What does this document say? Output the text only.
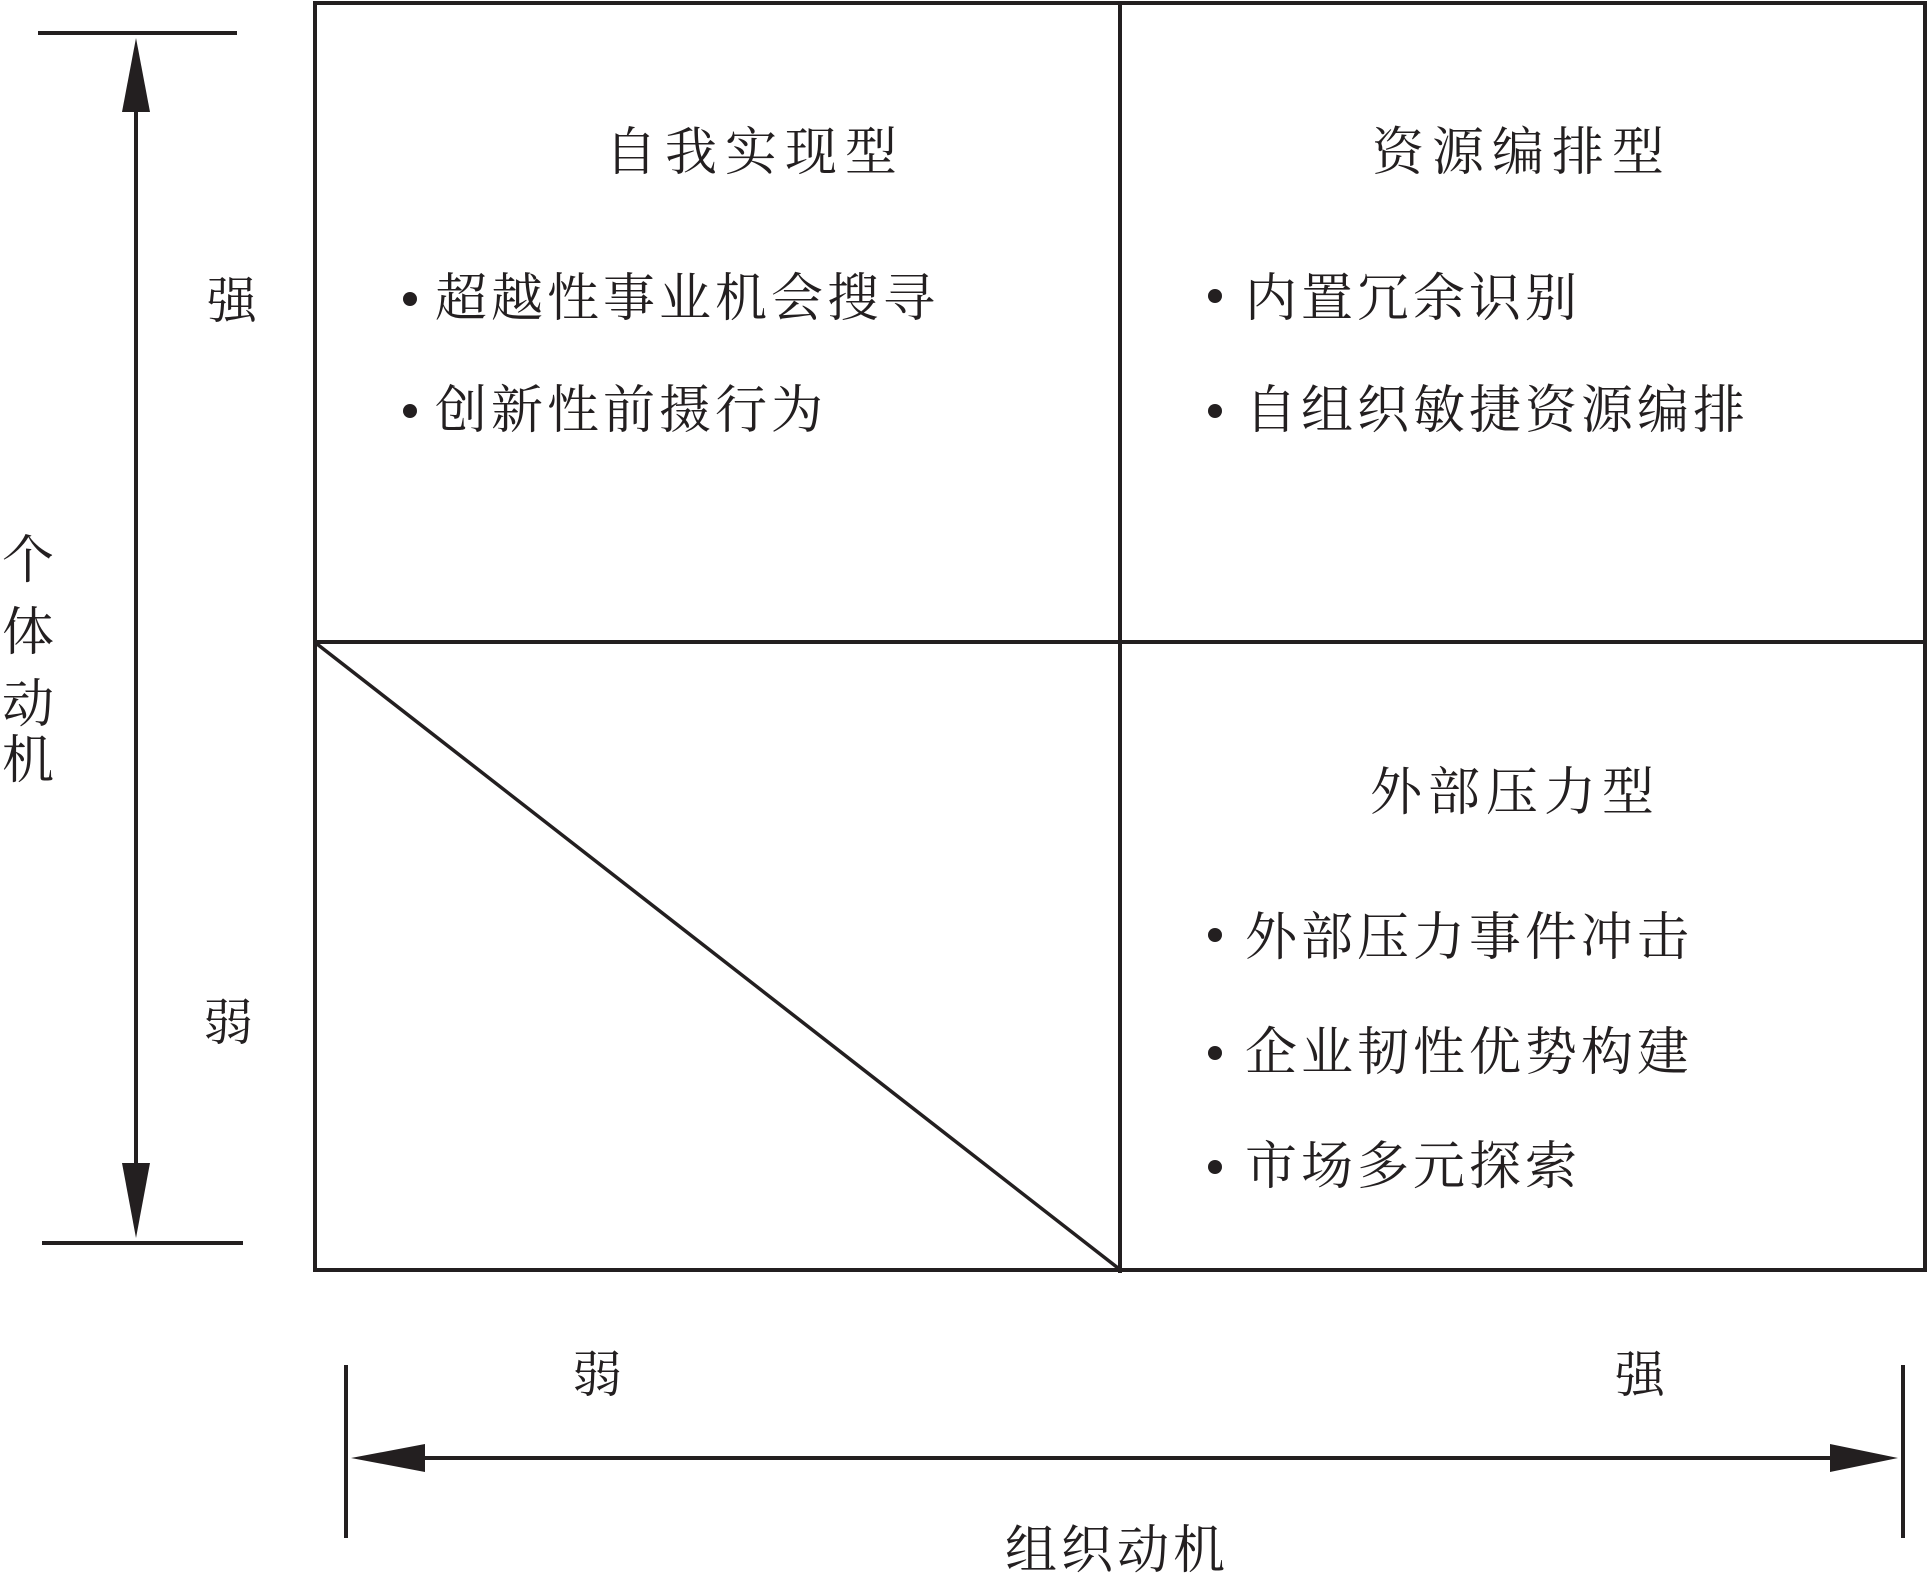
强
弱
个
体
动
机
自我实现型
超越性事业机会搜寻
创新性前摄行为
资源编排型
内置冗余识别
自组织敏捷资源编排
外部压力型
外部压力事件冲击
企业韧性优势构建
市场多元探索
弱	强
组织动机
